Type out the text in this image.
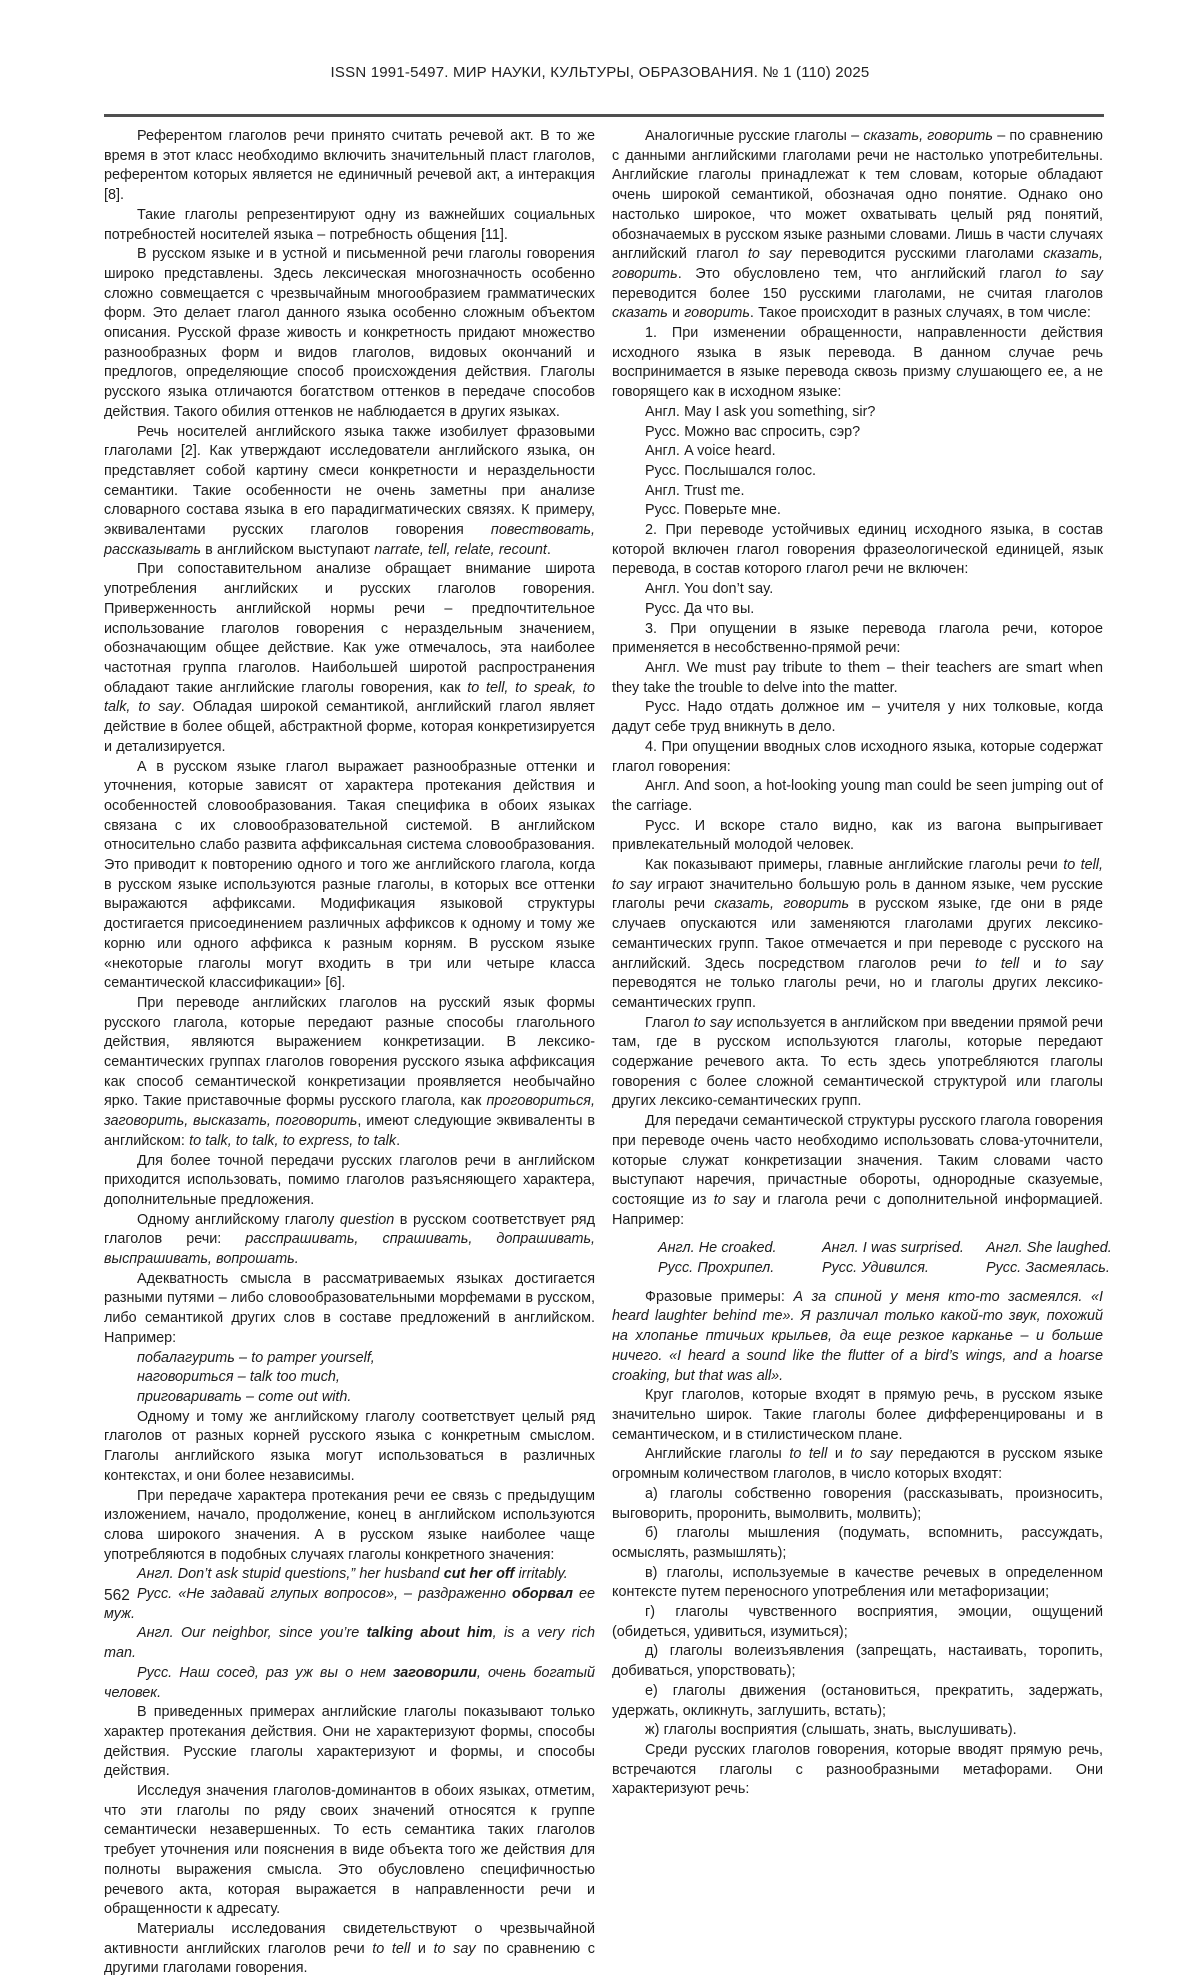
ISSN 1991-5497. МИР НАУКИ, КУЛЬТУРЫ, ОБРАЗОВАНИЯ. № 1 (110) 2025

Референтом глаголов речи принято считать речевой акт. В то же время в этот класс необходимо включить значительный пласт глаголов, референтом которых является не единичный речевой акт, а интеракция [8].

Такие глаголы репрезентируют одну из важнейших социальных потребностей носителей языка – потребность общения [11].

В русском языке и в устной и письменной речи глаголы говорения широко представлены. Здесь лексическая многозначность особенно сложно совмещается с чрезвычайным многообразием грамматических форм. Это делает глагол данного языка особенно сложным объектом описания. Русской фразе живость и конкретность придают множество разнообразных форм и видов глаголов, видовых окончаний и предлогов, определяющие способ происхождения действия. Глаголы русского языка отличаются богатством оттенков в передаче способов действия. Такого обилия оттенков не наблюдается в других языках.

Речь носителей английского языка также изобилует фразовыми глаголами [2]. Как утверждают исследователи английского языка, он представляет собой картину смеси конкретности и нераздельности семантики. Такие особенности не очень заметны при анализе словарного состава языка в его парадигматических связях. К примеру, эквивалентами русских глаголов говорения повествовать, рассказывать в английском выступают narrate, tell, relate, recount.

При сопоставительном анализе обращает внимание широта употребления английских и русских глаголов говорения. Приверженность английской нормы речи – предпочтительное использование глаголов говорения с нераздельным значением, обозначающим общее действие. Как уже отмечалось, эта наиболее частотная группа глаголов. Наибольшей широтой распространения обладают такие английские глаголы говорения, как to tell, to speak, to talk, to say. Обладая широкой семантикой, английский глагол являет действие в более общей, абстрактной форме, которая конкретизируется и детализируется.

А в русском языке глагол выражает разнообразные оттенки и уточнения, которые зависят от характера протекания действия и особенностей словообразования. Такая специфика в обоих языках связана с их словообразовательной системой. В английском относительно слабо развита аффиксальная система словообразования. Это приводит к повторению одного и того же английского глагола, когда в русском языке используются разные глаголы, в которых все оттенки выражаются аффиксами. Модификация языковой структуры достигается присоединением различных аффиксов к одному и тому же корню или одного аффикса к разным корням. В русском языке «некоторые глаголы могут входить в три или четыре класса семантической классификации» [6].

При переводе английских глаголов на русский язык формы русского глагола, которые передают разные способы глагольного действия, являются выражением конкретизации. В лексико-семантических группах глаголов говорения русского языка аффиксация как способ семантической конкретизации проявляется необычайно ярко. Такие приставочные формы русского глагола, как проговориться, заговорить, высказать, поговорить, имеют следующие эквиваленты в английском: to talk, to talk, to express, to talk.

Для более точной передачи русских глаголов речи в английском приходится использовать, помимо глаголов разъясняющего характера, дополнительные предложения.

Одному английскому глаголу question в русском соответствует ряд глаголов речи: расспрашивать, спрашивать, допрашивать, выспрашивать, вопрошать.

Адекватность смысла в рассматриваемых языках достигается разными путями – либо словообразовательными морфемами в русском, либо семантикой других слов в составе предложений в английском. Например:

побалагурить – to pamper yourself,

наговориться – talk too much,

приговаривать – come out with.

Одному и тому же английскому глаголу соответствует целый ряд глаголов от разных корней русского языка с конкретным смыслом. Глаголы английского языка могут использоваться в различных контекстах, и они более независимы.

При передаче характера протекания речи ее связь с предыдущим изложением, начало, продолжение, конец в английском используются слова широкого значения. А в русском языке наиболее чаще употребляются в подобных случаях глаголы конкретного значения:

Англ. Don’t ask stupid questions,” her husband cut her off irritably.

Русс. «Не задавай глупых вопросов», – раздраженно оборвал ее муж.

Англ. Our neighbor, since you’re talking about him, is a very rich man.

Русс. Наш сосед, раз уж вы о нем заговорили, очень богатый человек.

В приведенных примерах английские глаголы показывают только характер протекания действия. Они не характеризуют формы, способы действия. Русские глаголы характеризуют и формы, и способы действия.

Исследуя значения глаголов-доминантов в обоих языках, отметим, что эти глаголы по ряду своих значений относятся к группе семантически незавершенных. То есть семантика таких глаголов требует уточнения или пояснения в виде объекта того же действия для полноты выражения смысла. Это обусловлено специфичностью речевого акта, которая выражается в направленности речи и обращенности к адресату.

Материалы исследования свидетельствуют о чрезвычайной активности английских глаголов речи to tell и to say по сравнению с другими глаголами говорения.

Аналогичные русские глаголы – сказать, говорить – по сравнению с данными английскими глаголами речи не настолько употребительны. Английские глаголы принадлежат к тем словам, которые обладают очень широкой семантикой, обозначая одно понятие. Однако оно настолько широкое, что может охватывать целый ряд понятий, обозначаемых в русском языке разными словами. Лишь в части случаях английский глагол to say переводится русскими глаголами сказать, говорить. Это обусловлено тем, что английский глагол to say переводится более 150 русскими глаголами, не считая глаголов сказать и говорить. Такое происходит в разных случаях, в том числе:

1. При изменении обращенности, направленности действия исходного языка в язык перевода. В данном случае речь воспринимается в языке перевода сквозь призму слушающего ее, а не говорящего как в исходном языке:

Англ. May I ask you something, sir?

Русс. Можно вас спросить, сэр?

Англ. A voice heard.

Русс. Послышался голос.

Англ. Trust me.

Русс. Поверьте мне.

2. При переводе устойчивых единиц исходного языка, в состав которой включен глагол говорения фразеологической единицей, язык перевода, в состав которого глагол речи не включен:

Англ. You don’t say.

Русс. Да что вы.

3. При опущении в языке перевода глагола речи, которое применяется в несобственно-прямой речи:

Англ. We must pay tribute to them – their teachers are smart when they take the trouble to delve into the matter.

Русс. Надо отдать должное им – учителя у них толковые, когда дадут себе труд вникнуть в дело.

4. При опущении вводных слов исходного языка, которые содержат глагол говорения:

Англ. And soon, a hot-looking young man could be seen jumping out of the carriage.

Русс. И вскоре стало видно, как из вагона выпрыгивает привлекательный молодой человек.

Как показывают примеры, главные английские глаголы речи to tell, to say играют значительно большую роль в данном языке, чем русские глаголы речи сказать, говорить в русском языке, где они в ряде случаев опускаются или заменяются глаголами других лексико-семантических групп. Такое отмечается и при переводе с русского на английский. Здесь посредством глаголов речи to tell и to say переводятся не только глаголы речи, но и глаголы других лексико-семантических групп.

Глагол to say используется в английском при введении прямой речи там, где в русском используются глаголы, которые передают содержание речевого акта. То есть здесь употребляются глаголы говорения с более сложной семантической структурой или глаголы других лексико-семантических групп.

Для передачи семантической структуры русского глагола говорения при переводе очень часто необходимо использовать слова-уточнители, которые служат конкретизации значения. Таким словами часто выступают наречия, причастные обороты, однородные сказуемые, состоящие из to say и глагола речи с дополнительной информацией. Например:

Англ. He croaked.
Русс. Прохрипел.
Англ. I was surprised.
Русс. Удивился.
Англ. She laughed.
Русс. Засмеялась.

Фразовые примеры: А за спиной у меня кто-то засмеялся. «I heard laughter behind me». Я различал только какой-то звук, похожий на хлопанье птичьих крыльев, да еще резкое карканье – и больше ничего. «I heard a sound like the flutter of a bird’s wings, and a hoarse croaking, but that was all».

Круг глаголов, которые входят в прямую речь, в русском языке значительно широк. Такие глаголы более дифференцированы и в семантическом, и в стилистическом плане.

Английские глаголы to tell и to say передаются в русском языке огромным количеством глаголов, в число которых входят:

а) глаголы собственно говорения (рассказывать, произносить, выговорить, проронить, вымолвить, молвить);

б) глаголы мышления (подумать, вспомнить, рассуждать, осмыслять, размышлять);

в) глаголы, используемые в качестве речевых в определенном контексте путем переносного употребления или метафоризации;

г) глаголы чувственного восприятия, эмоции, ощущений (обидеться, удивиться, изумиться);

д) глаголы волеизъявления (запрещать, настаивать, торопить, добиваться, упорствовать);

е) глаголы движения (остановиться, прекратить, задержать, удержать, окликнуть, заглушить, встать);

ж) глаголы восприятия (слышать, знать, выслушивать).

Среди русских глаголов говорения, которые вводят прямую речь, встречаются глаголы с разнообразными метафорами. Они характеризуют речь:

562
